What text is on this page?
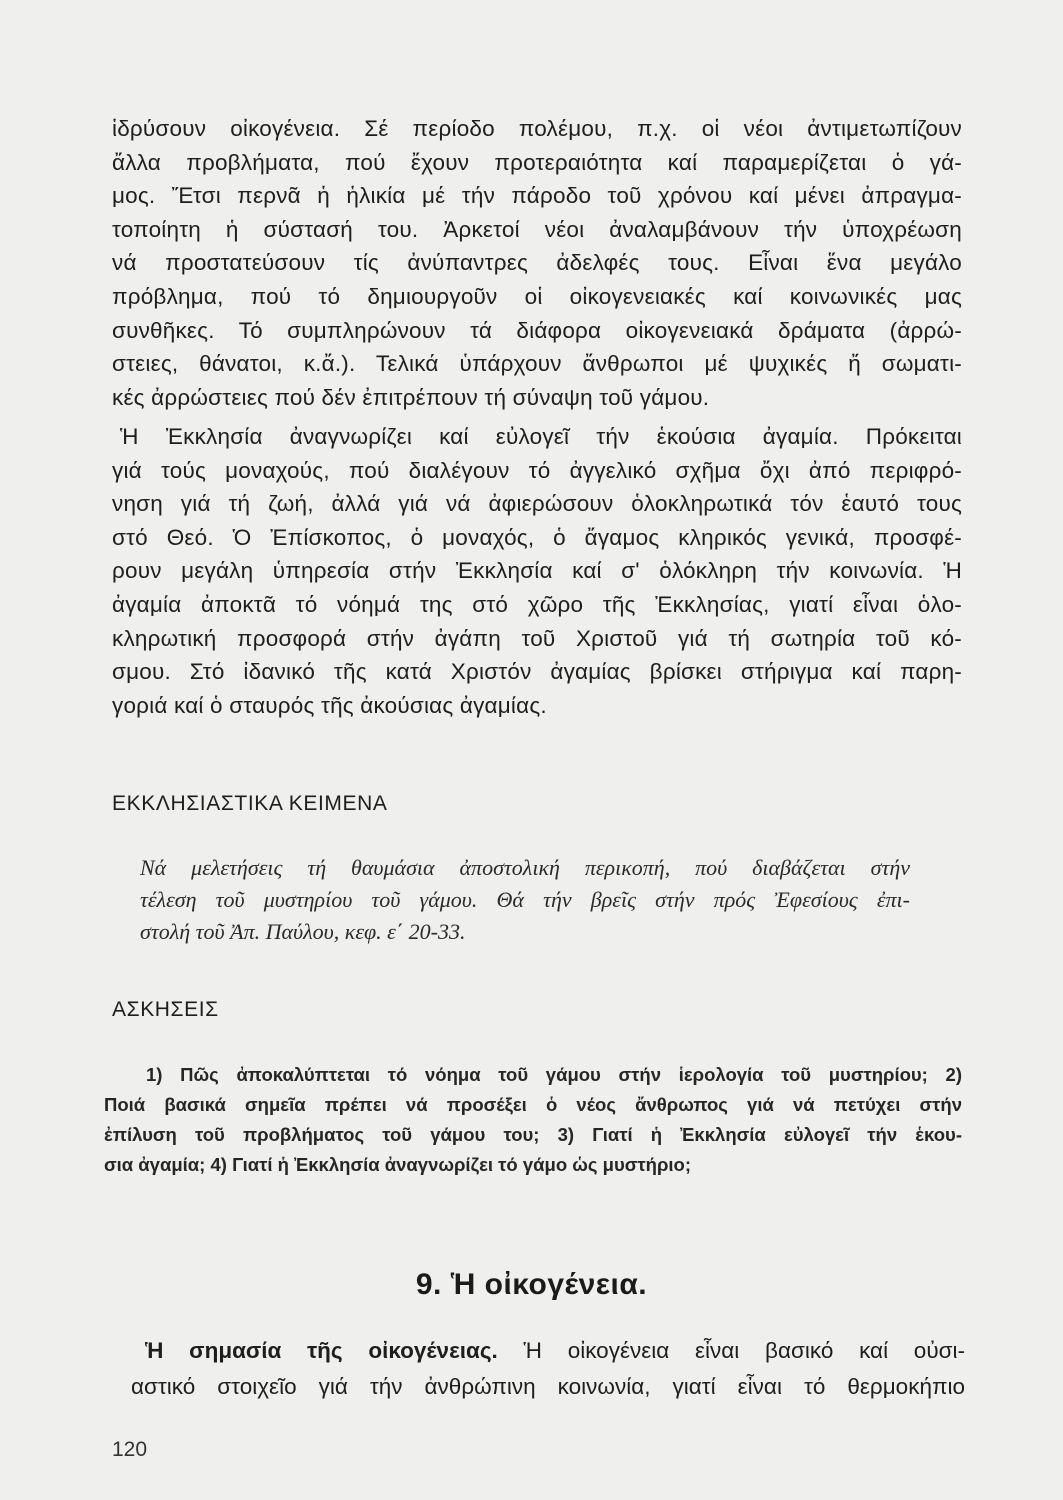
ἱδρύσουν οἰκογένεια. Σέ περίοδο πολέμου, π.χ. οἱ νέοι ἀντιμετωπίζουν
ἄλλα προβλήματα, πού ἔχουν προτεραιότητα καί παραμερίζεται ὁ γά-
μος. Ἔτσι περνᾶ ἡ ἡλικία μέ τήν πάροδο τοῦ χρόνου καί μένει ἀπραγμα-
τοποίητη ἡ σύστασή του. Ἀρκετοί νέοι ἀναλαμβάνουν τήν ὑποχρέωση
νά προστατεύσουν τίς ἀνύπαντρες ἀδελφές τους. Εἶναι ἕνα μεγάλο
πρόβλημα, πού τό δημιουργοῦν οἱ οἰκογενειακές καί κοινωνικές μας
συνθῆκες. Τό συμπληρώνουν τά διάφορα οἰκογενειακά δράματα (ἀρρώ-
στειες, θάνατοι, κ.ἄ.). Τελικά ὑπάρχουν ἄνθρωποι μέ ψυχικές ἤ σωματι-
κές ἀρρώστειες πού δέν ἐπιτρέπουν τή σύναψη τοῦ γάμου.
Ἡ Ἐκκλησία ἀναγνωρίζει καί εὐλογεῖ τήν ἑκούσια ἀγαμία. Πρόκειται
γιά τούς μοναχούς, πού διαλέγουν τό ἀγγελικό σχῆμα ὄχι ἀπό περιφρό-
νηση γιά τή ζωή, ἀλλά γιά νά ἀφιερώσουν ὁλοκληρωτικά τόν ἑαυτό τους
στό Θεό. Ὁ Ἐπίσκοπος, ὁ μοναχός, ὁ ἄγαμος κληρικός γενικά, προσφέ-
ρουν μεγάλη ὑπηρεσία στήν Ἐκκλησία καί σ' ὁλόκληρη τήν κοινωνία. Ἡ
ἀγαμία ἀποκτᾶ τό νόημά της στό χῶρο τῆς Ἐκκλησίας, γιατί εἶναι ὁλο-
κληρωτική προσφορά στήν ἀγάπη τοῦ Χριστοῦ γιά τή σωτηρία τοῦ κό-
σμου. Στό ἰδανικό τῆς κατά Χριστόν ἀγαμίας βρίσκει στήριγμα καί παρη-
γοριά καί ὁ σταυρός τῆς ἀκούσιας ἀγαμίας.
ΕΚΚΛΗΣΙΑΣΤΙΚΑ ΚΕΙΜΕΝΑ
Νά μελετήσεις τή θαυμάσια ἀποστολική περικοπή, πού διαβάζεται στήν
τέλεση τοῦ μυστηρίου τοῦ γάμου. Θά τήν βρεῖς στήν πρός Ἐφεσίους ἐπι-
στολή τοῦ Ἀπ. Παύλου, κεφ. ε΄ 20-33.
ΑΣΚΗΣΕΙΣ
1) Πῶς ἀποκαλύπτεται τό νόημα τοῦ γάμου στήν ἱερολογία τοῦ μυστηρίου; 2)
Ποιά βασικά σημεῖα πρέπει νά προσέξει ὁ νέος ἄνθρωπος γιά νά πετύχει στήν
ἐπίλυση τοῦ προβλήματος τοῦ γάμου του; 3) Γιατί ἡ Ἐκκλησία εὐλογεῖ τήν ἑκου-
σια ἀγαμία; 4) Γιατί ἡ Ἐκκλησία ἀναγνωρίζει τό γάμο ὡς μυστήριο;
9. Ἡ οἰκογένεια.
Ἡ σημασία τῆς οἰκογένειας. Ἡ οἰκογένεια εἶναι βασικό καί οὐσι-
αστικό στοιχεῖο γιά τήν ἀνθρώπινη κοινωνία, γιατί εἶναι τό θερμοκήπιο
120
